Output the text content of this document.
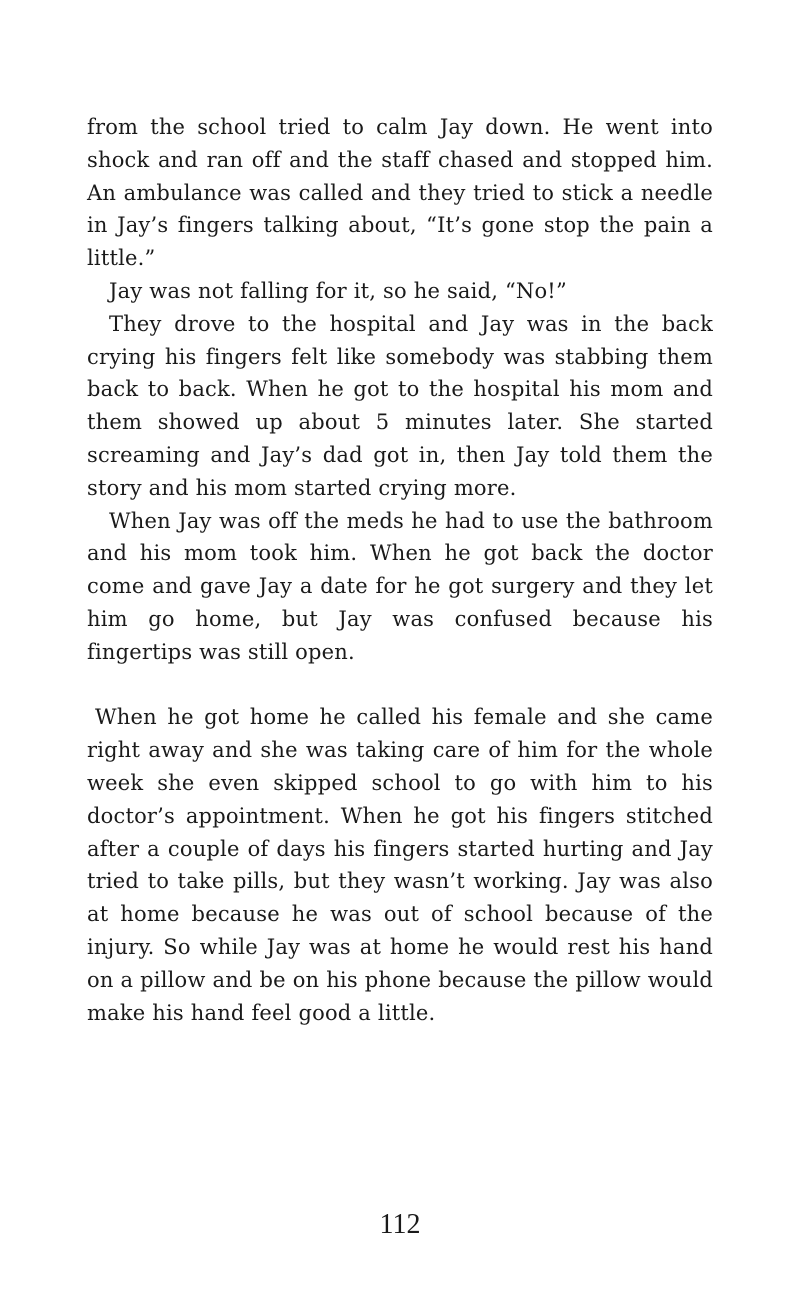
from the school tried to calm Jay down. He went into shock and ran off and the staff chased and stopped him. An ambulance was called and they tried to stick a needle in Jay’s fingers talking about, “It’s gone stop the pain a little.”

Jay was not falling for it, so he said, “No!”

They drove to the hospital and Jay was in the back crying his fingers felt like somebody was stabbing them back to back. When he got to the hospital his mom and them showed up about 5 minutes later. She started screaming and Jay’s dad got in, then Jay told them the story and his mom started crying more.

When Jay was off the meds he had to use the bathroom and his mom took him. When he got back the doctor come and gave Jay a date for he got surgery and they let him go home, but Jay was confused because his fingertips was still open.

When he got home he called his female and she came right away and she was taking care of him for the whole week she even skipped school to go with him to his doctor’s appointment. When he got his fingers stitched after a couple of days his fingers started hurting and Jay tried to take pills, but they wasn’t working. Jay was also at home because he was out of school because of the injury. So while Jay was at home he would rest his hand on a pillow and be on his phone because the pillow would make his hand feel good a little.

112
